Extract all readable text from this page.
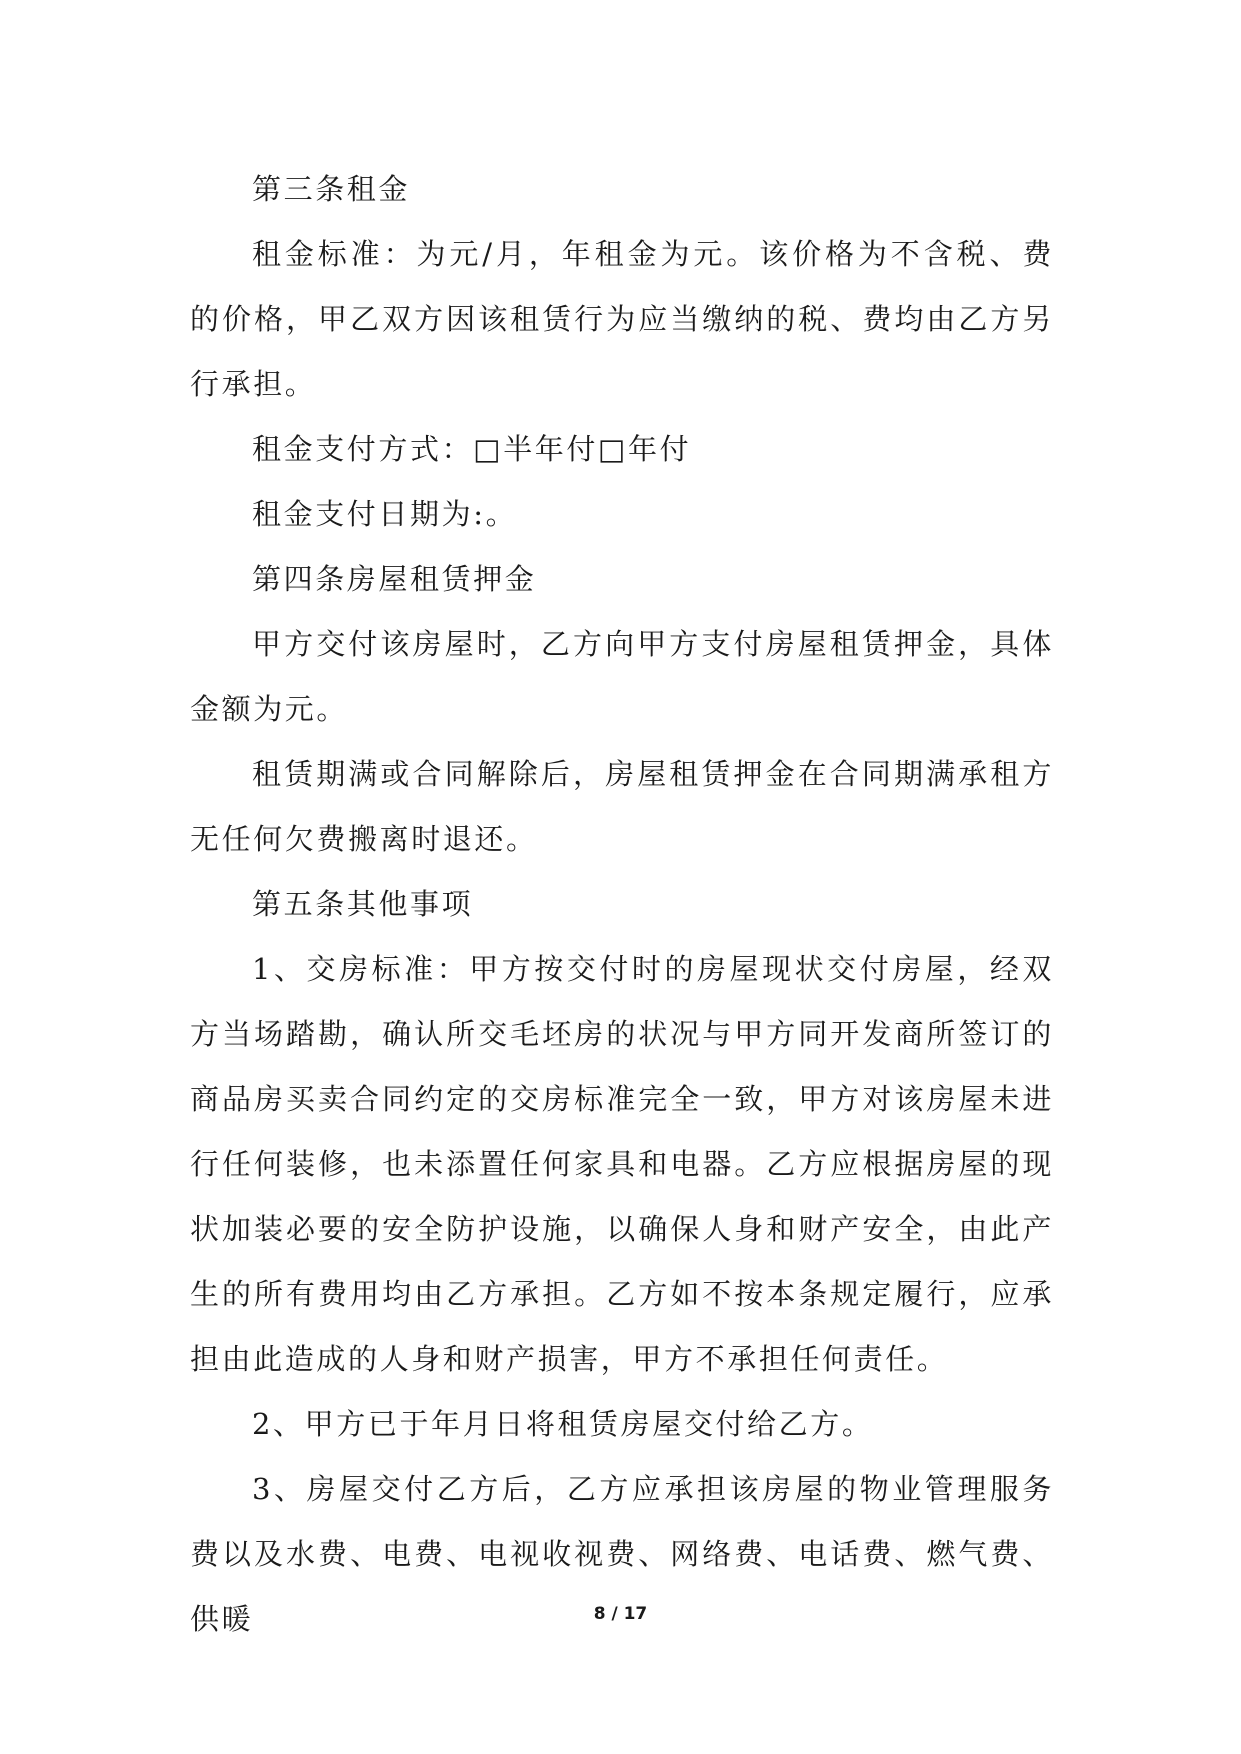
第三条租金

租金标准：为元/月，年租金为元。该价格为不含税、费的价格，甲乙双方因该租赁行为应当缴纳的税、费均由乙方另行承担。

租金支付方式：□半年付□年付

租金支付日期为:。

第四条房屋租赁押金

甲方交付该房屋时，乙方向甲方支付房屋租赁押金，具体金额为元。

租赁期满或合同解除后，房屋租赁押金在合同期满承租方无任何欠费搬离时退还。

第五条其他事项

1、交房标准：甲方按交付时的房屋现状交付房屋，经双方当场踏勘，确认所交毛坯房的状况与甲方同开发商所签订的商品房买卖合同约定的交房标准完全一致，甲方对该房屋未进行任何装修，也未添置任何家具和电器。乙方应根据房屋的现状加装必要的安全防护设施，以确保人身和财产安全，由此产生的所有费用均由乙方承担。乙方如不按本条规定履行，应承担由此造成的人身和财产损害，甲方不承担任何责任。

2、甲方已于年月日将租赁房屋交付给乙方。

3、房屋交付乙方后，乙方应承担该房屋的物业管理服务费以及水费、电费、电视收视费、网络费、电话费、燃气费、供暖	8 / 17
